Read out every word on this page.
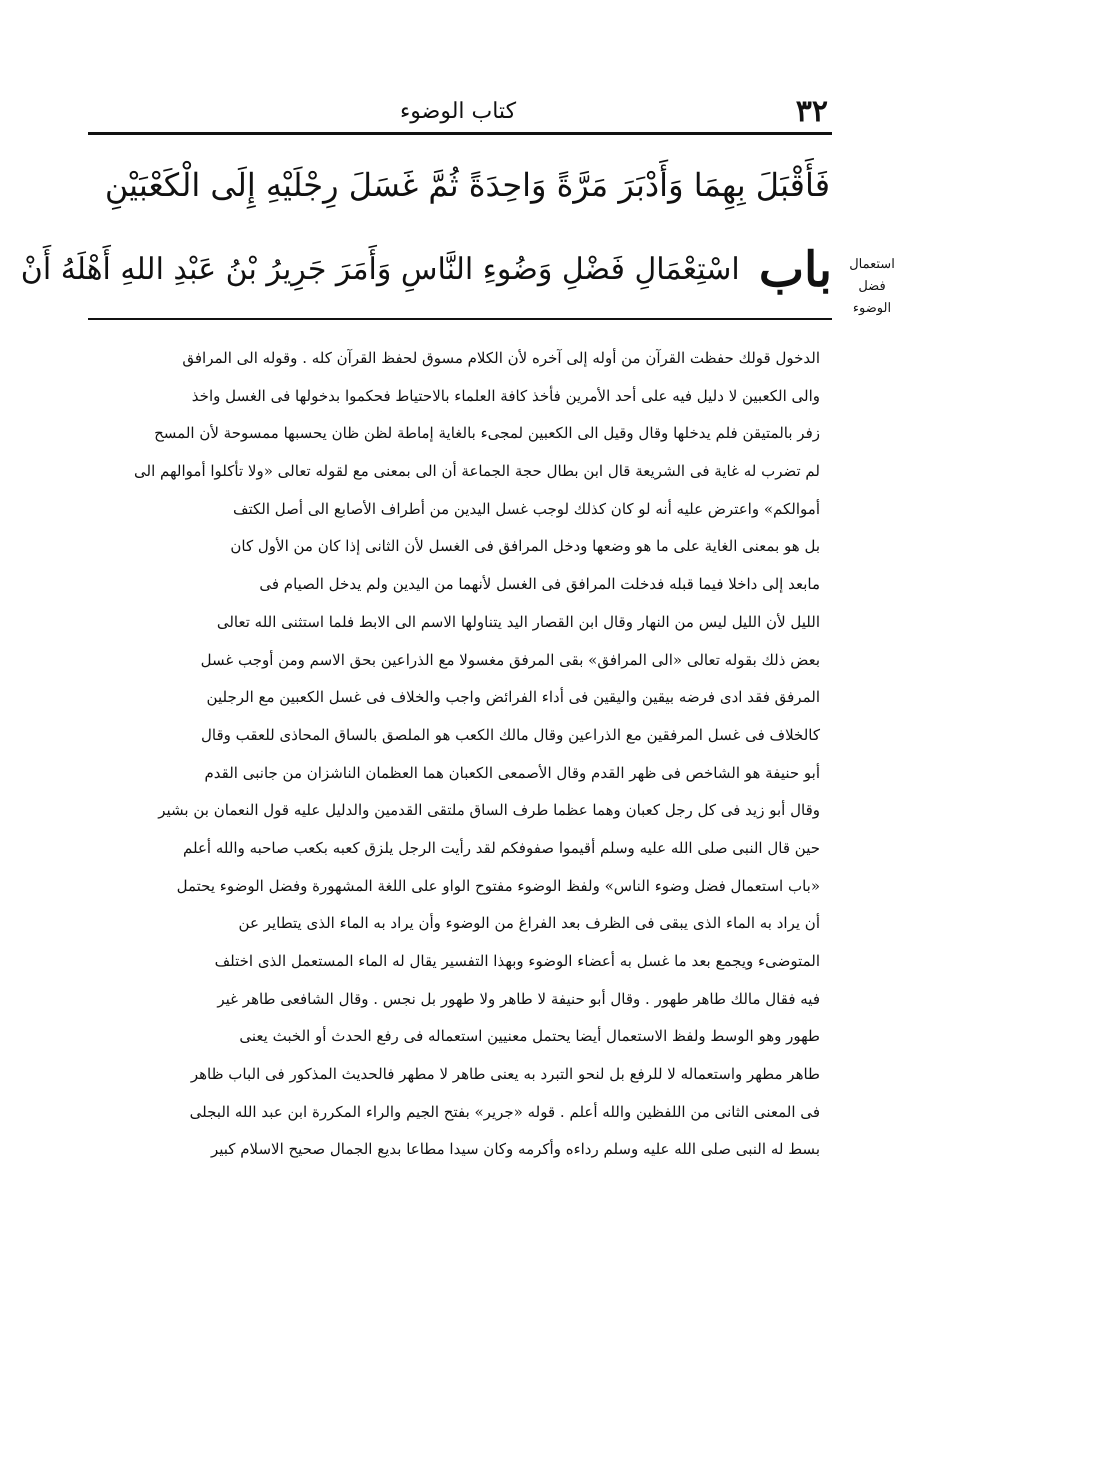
٣٢
كتاب الوضوء
فَأَقْبَلَ بِهِمَا وَأَدْبَرَ مَرَّةً وَاحِدَةً ثُمَّ غَسَلَ رِجْلَيْهِ إِلَى الْكَعْبَيْنِ
باب اسْتِعْمَالِ فَضْلِ وَضُوءِ النَّاسِ وَأَمَرَ جَرِيرُ بْنُ عَبْدِ اللهِ أَهْلَهُ أَنْ	استعمال
فضل الوضوء
الدخول قولك حفظت القرآن من أوله إلى آخره لأن الكلام مسوق لحفظ القرآن كله . وقوله الى المرافق
والى الكعبين لا دليل فيه على أحد الأمرين فأخذ كافة العلماء بالاحتياط فحكموا بدخولها فى الغسل واخذ
زفر بالمتيقن فلم يدخلها وقال وقيل الى الكعبين لمجىء بالغاية إماطة لظن ظان يحسبها ممسوحة لأن المسح
لم تضرب له غاية فى الشريعة قال ابن بطال حجة الجماعة أن الى بمعنى مع لقوله تعالى «ولا تأكلوا أموالهم الى
أموالكم» واعترض عليه أنه لو كان كذلك لوجب غسل اليدين من أطراف الأصابع الى أصل الكتف
بل هو بمعنى الغاية على ما هو وضعها ودخل المرافق فى الغسل لأن الثانى إذا كان من الأول كان
مابعد إلى داخلا فيما قبله فدخلت المرافق فى الغسل لأنهما من اليدين ولم يدخل الصيام فى
الليل لأن الليل ليس من النهار وقال ابن القصار اليد يتناولها الاسم الى الابط فلما استثنى الله تعالى
بعض ذلك بقوله تعالى «الى المرافق» بقى المرفق مغسولا مع الذراعين بحق الاسم ومن أوجب غسل
المرفق فقد ادى فرضه بيقين واليقين فى أداء الفرائض واجب والخلاف فى غسل الكعبين مع الرجلين
كالخلاف فى غسل المرفقين مع الذراعين وقال مالك الكعب هو الملصق بالساق المحاذى للعقب وقال
أبو حنيفة هو الشاخص فى ظهر القدم وقال الأصمعى الكعبان هما العظمان الناشزان من جانبى القدم
وقال أبو زيد فى كل رجل كعبان وهما عظما طرف الساق ملتقى القدمين والدليل عليه قول النعمان بن بشير
حين قال النبى صلى الله عليه وسلم أقيموا صفوفكم لقد رأيت الرجل يلزق كعبه بكعب صاحبه والله أعلم
«باب استعمال فضل وضوء الناس» ولفظ الوضوء مفتوح الواو على اللغة المشهورة وفضل الوضوء يحتمل
أن يراد به الماء الذى يبقى فى الظرف بعد الفراغ من الوضوء وأن يراد به الماء الذى يتطاير عن
المتوضىء ويجمع بعد ما غسل به أعضاء الوضوء وبهذا التفسير يقال له الماء المستعمل الذى اختلف
فيه فقال مالك طاهر طهور . وقال أبو حنيفة لا طاهر ولا طهور بل نجس . وقال الشافعى طاهر غير
طهور وهو الوسط ولفظ الاستعمال أيضا يحتمل معنيين استعماله فى رفع الحدث أو الخبث يعنى
طاهر مطهر واستعماله لا للرفع بل لنحو التبرد به يعنى طاهر لا مطهر فالحديث المذكور فى الباب ظاهر
فى المعنى الثانى من اللفظين والله أعلم . قوله «جرير» بفتح الجيم والراء المكررة ابن عبد الله البجلى
بسط له النبى صلى الله عليه وسلم رداءه وأكرمه وكان سيدا مطاعا بديع الجمال صحيح الاسلام كبير
